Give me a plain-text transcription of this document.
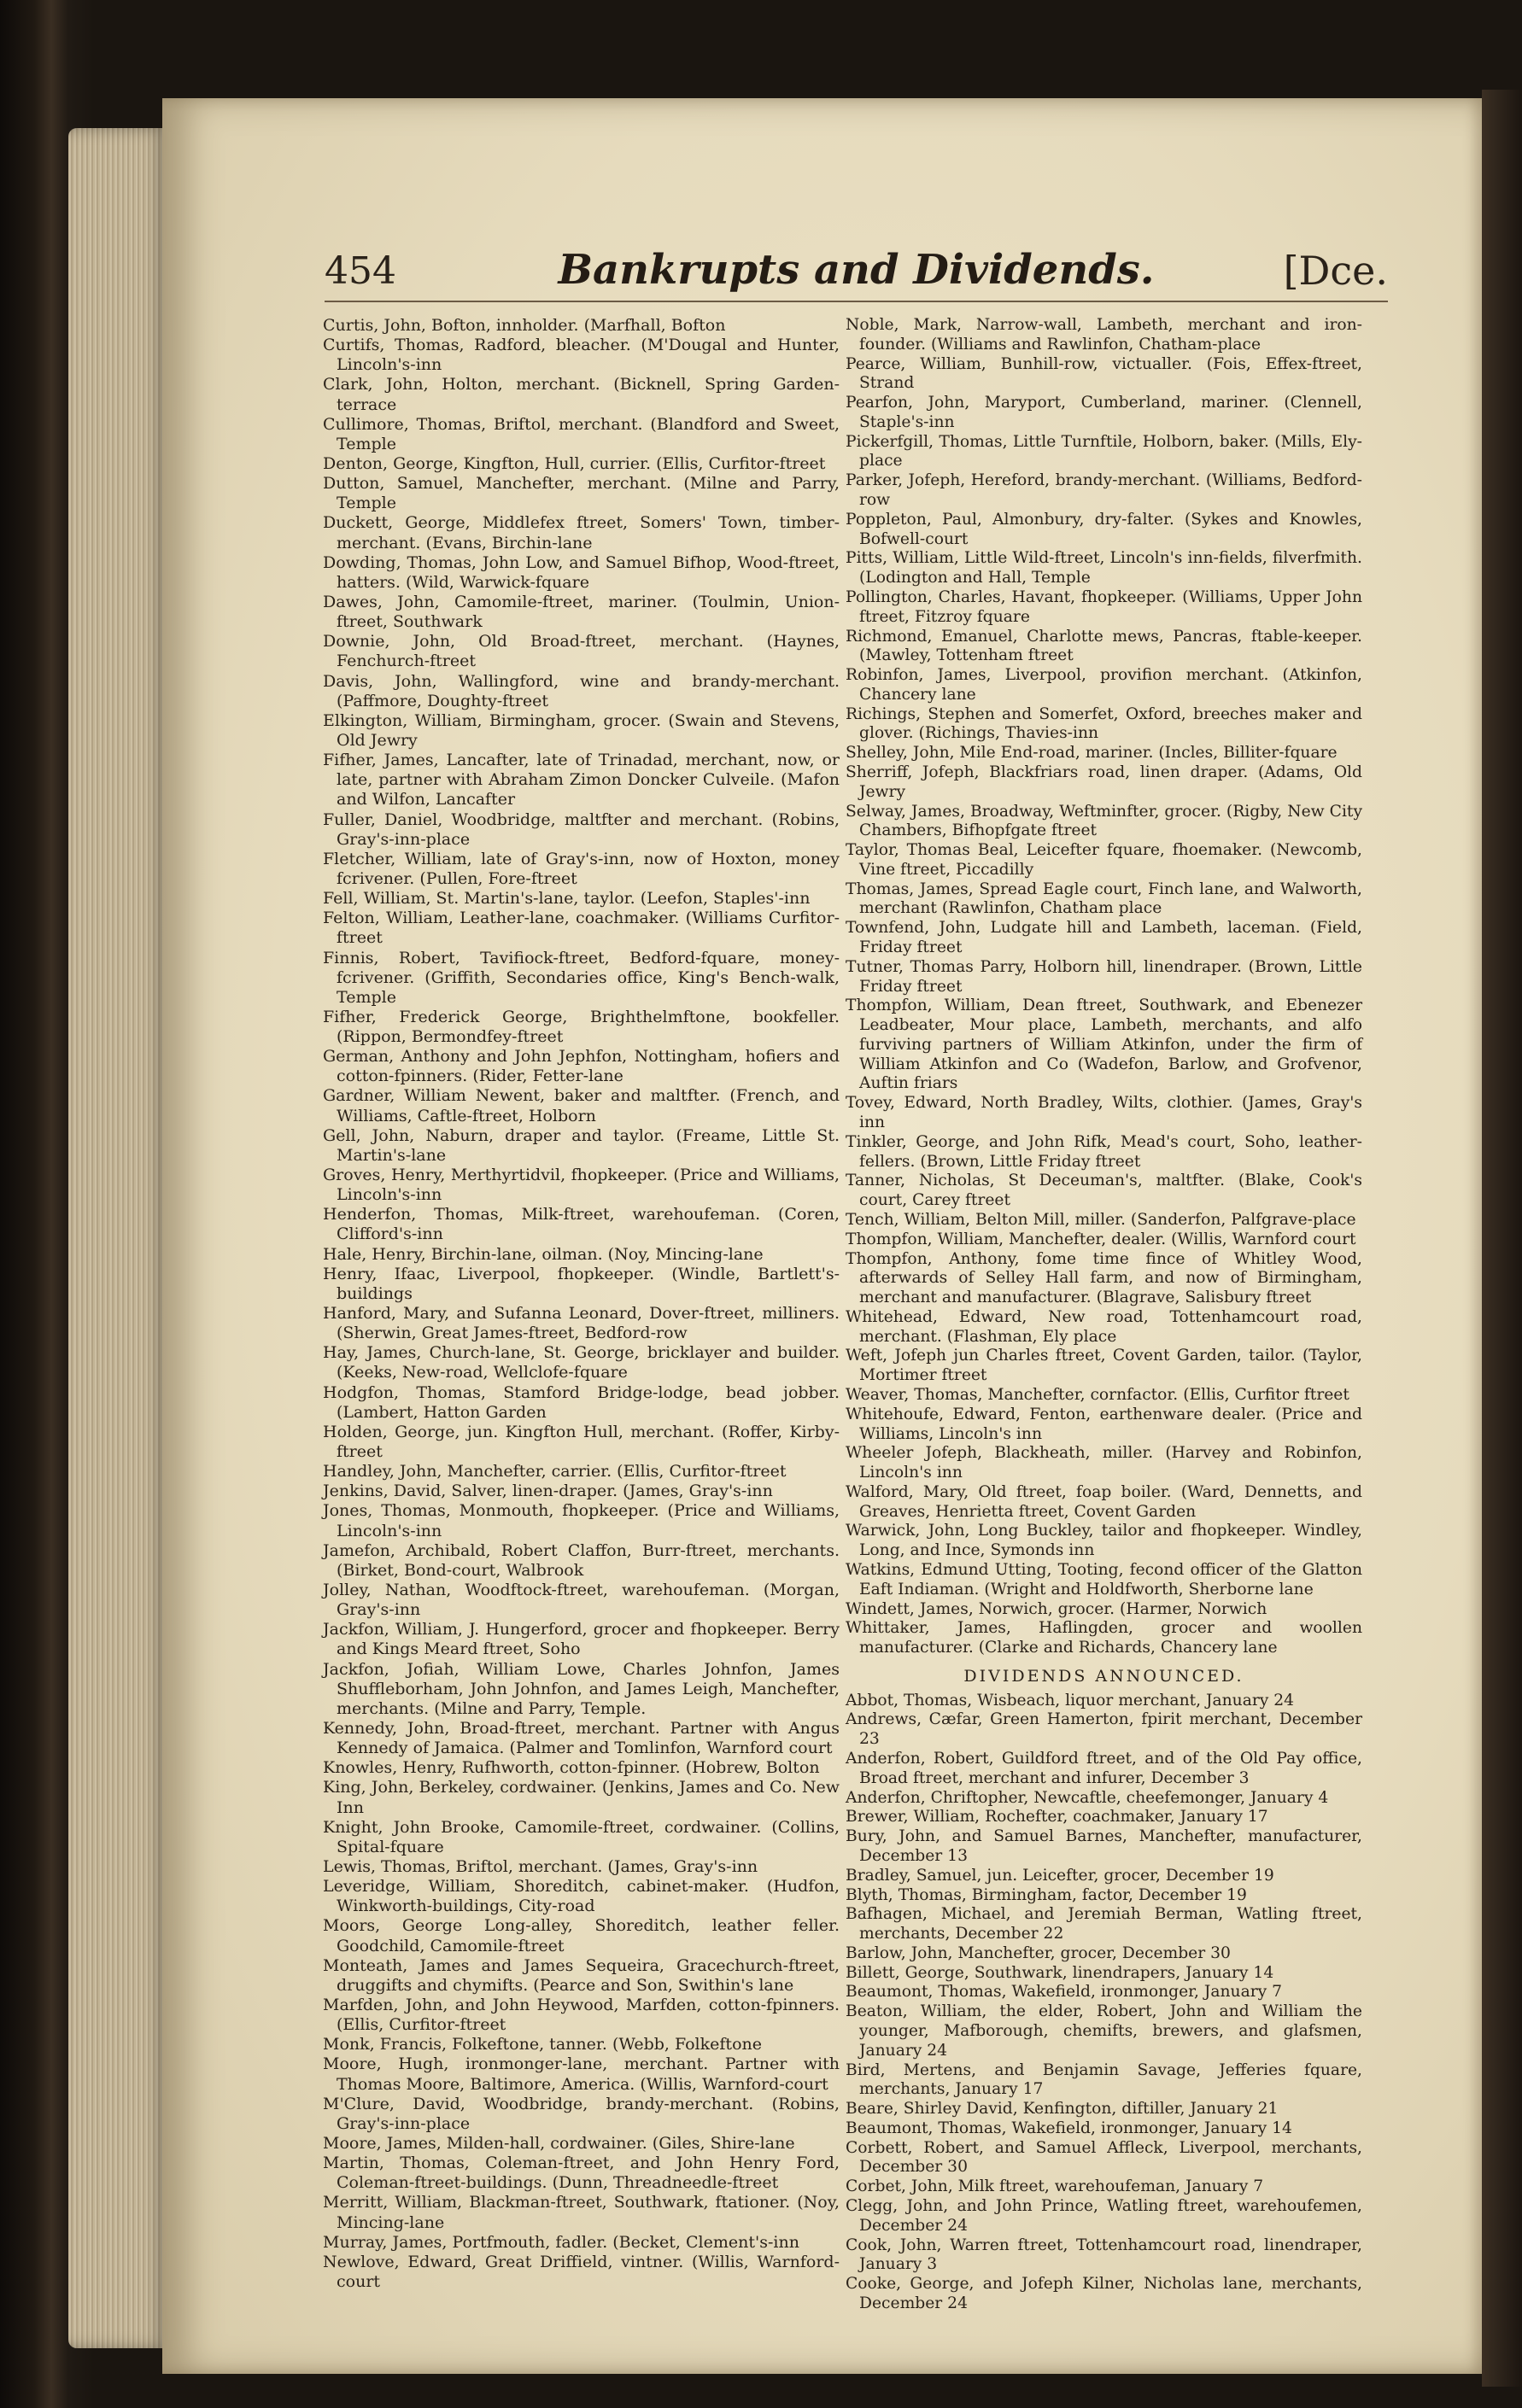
454	Bankrupts and Dividends.	[Dce.

Curtis, John, Bofton, innholder. (Marfhall, Bofton

Curtifs, Thomas, Radford, bleacher. (M'Dougal and Hunter, Lincoln's-inn

Clark, John, Holton, merchant. (Bicknell, Spring Garden-terrace

Cullimore, Thomas, Briftol, merchant. (Blandford and Sweet, Temple

Denton, George, Kingfton, Hull, currier. (Ellis, Curfitor-ftreet

Dutton, Samuel, Manchefter, merchant. (Milne and Parry, Temple

Duckett, George, Middlefex ftreet, Somers' Town, timber-merchant. (Evans, Birchin-lane

Dowding, Thomas, John Low, and Samuel Bifhop, Wood-ftreet, hatters. (Wild, Warwick-fquare

Dawes, John, Camomile-ftreet, mariner. (Toulmin, Union-ftreet, Southwark

Downie, John, Old Broad-ftreet, merchant. (Haynes, Fenchurch-ftreet

Davis, John, Wallingford, wine and brandy-merchant. (Paffmore, Doughty-ftreet

Elkington, William, Birmingham, grocer. (Swain and Stevens, Old Jewry

Fifher, James, Lancafter, late of Trinadad, merchant, now, or late, partner with Abraham Zimon Doncker Culveile. (Mafon and Wilfon, Lancafter

Fuller, Daniel, Woodbridge, maltfter and merchant. (Robins, Gray's-inn-place

Fletcher, William, late of Gray's-inn, now of Hoxton, money fcrivener. (Pullen, Fore-ftreet

Fell, William, St. Martin's-lane, taylor. (Leefon, Staples'-inn

Felton, William, Leather-lane, coachmaker. (Williams Curfitor-ftreet

Finnis, Robert, Tavifiock-ftreet, Bedford-fquare, money-fcrivener. (Griffith, Secondaries office, King's Bench-walk, Temple

Fifher, Frederick George, Brighthelmftone, bookfeller. (Rippon, Bermondfey-ftreet

German, Anthony and John Jephfon, Nottingham, hofiers and cotton-fpinners. (Rider, Fetter-lane

Gardner, William Newent, baker and maltfter. (French, and Williams, Caftle-ftreet, Holborn

Gell, John, Naburn, draper and taylor. (Freame, Little St. Martin's-lane

Groves, Henry, Merthyrtidvil, fhopkeeper. (Price and Williams, Lincoln's-inn

Henderfon, Thomas, Milk-ftreet, warehoufeman. (Coren, Clifford's-inn

Hale, Henry, Birchin-lane, oilman. (Noy, Mincing-lane

Henry, Ifaac, Liverpool, fhopkeeper. (Windle, Bartlett's-buildings

Hanford, Mary, and Sufanna Leonard, Dover-ftreet, milliners. (Sherwin, Great James-ftreet, Bedford-row

Hay, James, Church-lane, St. George, bricklayer and builder. (Keeks, New-road, Wellclofe-fquare

Hodgfon, Thomas, Stamford Bridge-lodge, bead jobber. (Lambert, Hatton Garden

Holden, George, jun. Kingfton Hull, merchant. (Roffer, Kirby-ftreet

Handley, John, Manchefter, carrier. (Ellis, Curfitor-ftreet

Jenkins, David, Salver, linen-draper. (James, Gray's-inn

Jones, Thomas, Monmouth, fhopkeeper. (Price and Williams, Lincoln's-inn

Jamefon, Archibald, Robert Claffon, Burr-ftreet, merchants. (Birket, Bond-court, Walbrook

Jolley, Nathan, Woodftock-ftreet, warehoufeman. (Morgan, Gray's-inn

Jackfon, William, J. Hungerford, grocer and fhopkeeper. Berry and Kings Meard ftreet, Soho

Jackfon, Jofiah, William Lowe, Charles Johnfon, James Shuffleborham, John Johnfon, and James Leigh, Manchefter, merchants. (Milne and Parry, Temple.

Kennedy, John, Broad-ftreet, merchant. Partner with Angus Kennedy of Jamaica. (Palmer and Tomlinfon, Warnford court

Knowles, Henry, Rufhworth, cotton-fpinner. (Hobrew, Bolton

King, John, Berkeley, cordwainer. (Jenkins, James and Co. New Inn

Knight, John Brooke, Camomile-ftreet, cordwainer. (Collins, Spital-fquare

Lewis, Thomas, Briftol, merchant. (James, Gray's-inn

Leveridge, William, Shoreditch, cabinet-maker. (Hudfon, Winkworth-buildings, City-road

Moors, George Long-alley, Shoreditch, leather feller. Goodchild, Camomile-ftreet

Monteath, James and James Sequeira, Gracechurch-ftreet, druggifts and chymifts. (Pearce and Son, Swithin's lane

Marfden, John, and John Heywood, Marfden, cotton-fpinners. (Ellis, Curfitor-ftreet

Monk, Francis, Folkeftone, tanner. (Webb, Folkeftone

Moore, Hugh, ironmonger-lane, merchant. Partner with Thomas Moore, Baltimore, America. (Willis, Warnford-court

M'Clure, David, Woodbridge, brandy-merchant. (Robins, Gray's-inn-place

Moore, James, Milden-hall, cordwainer. (Giles, Shire-lane

Martin, Thomas, Coleman-ftreet, and John Henry Ford, Coleman-ftreet-buildings. (Dunn, Threadneedle-ftreet

Merritt, William, Blackman-ftreet, Southwark, ftationer. (Noy, Mincing-lane

Murray, James, Portfmouth, fadler. (Becket, Clement's-inn

Newlove, Edward, Great Driffield, vintner. (Willis, Warnford-court

Noble, Mark, Narrow-wall, Lambeth, merchant and iron-founder. (Williams and Rawlinfon, Chatham-place

Pearce, William, Bunhill-row, victualler. (Fois, Effex-ftreet, Strand

Pearfon, John, Maryport, Cumberland, mariner. (Clennell, Staple's-inn

Pickerfgill, Thomas, Little Turnftile, Holborn, baker. (Mills, Ely-place

Parker, Jofeph, Hereford, brandy-merchant. (Williams, Bedford-row

Poppleton, Paul, Almonbury, dry-falter. (Sykes and Knowles, Bofwell-court

Pitts, William, Little Wild-ftreet, Lincoln's inn-fields, filverfmith. (Lodington and Hall, Temple

Pollington, Charles, Havant, fhopkeeper. (Williams, Upper John ftreet, Fitzroy fquare

Richmond, Emanuel, Charlotte mews, Pancras, ftable-keeper. (Mawley, Tottenham ftreet

Robinfon, James, Liverpool, provifion merchant. (Atkinfon, Chancery lane

Richings, Stephen and Somerfet, Oxford, breeches maker and glover. (Richings, Thavies-inn

Shelley, John, Mile End-road, mariner. (Incles, Billiter-fquare

Sherriff, Jofeph, Blackfriars road, linen draper. (Adams, Old Jewry

Selway, James, Broadway, Weftminfter, grocer. (Rigby, New City Chambers, Bifhopfgate ftreet

Taylor, Thomas Beal, Leicefter fquare, fhoemaker. (Newcomb, Vine ftreet, Piccadilly

Thomas, James, Spread Eagle court, Finch lane, and Walworth, merchant (Rawlinfon, Chatham place

Townfend, John, Ludgate hill and Lambeth, laceman. (Field, Friday ftreet

Tutner, Thomas Parry, Holborn hill, linendraper. (Brown, Little Friday ftreet

Thompfon, William, Dean ftreet, Southwark, and Ebenezer Leadbeater, Mour place, Lambeth, merchants, and alfo furviving partners of William Atkinfon, under the firm of William Atkinfon and Co (Wadefon, Barlow, and Grofvenor, Auftin friars

Tovey, Edward, North Bradley, Wilts, clothier. (James, Gray's inn

Tinkler, George, and John Rifk, Mead's court, Soho, leather-fellers. (Brown, Little Friday ftreet

Tanner, Nicholas, St Deceuman's, maltfter. (Blake, Cook's court, Carey ftreet

Tench, William, Belton Mill, miller. (Sanderfon, Palfgrave-place

Thompfon, William, Manchefter, dealer. (Willis, Warnford court

Thompfon, Anthony, fome time fince of Whitley Wood, afterwards of Selley Hall farm, and now of Birmingham, merchant and manufacturer. (Blagrave, Salisbury ftreet

Whitehead, Edward, New road, Tottenhamcourt road, merchant. (Flashman, Ely place

Weft, Jofeph jun Charles ftreet, Covent Garden, tailor. (Taylor, Mortimer ftreet

Weaver, Thomas, Manchefter, cornfactor. (Ellis, Curfitor ftreet

Whitehoufe, Edward, Fenton, earthenware dealer. (Price and Williams, Lincoln's inn

Wheeler Jofeph, Blackheath, miller. (Harvey and Robinfon, Lincoln's inn

Walford, Mary, Old ftreet, foap boiler. (Ward, Dennetts, and Greaves, Henrietta ftreet, Covent Garden

Warwick, John, Long Buckley, tailor and fhopkeeper. Windley, Long, and Ince, Symonds inn

Watkins, Edmund Utting, Tooting, fecond officer of the Glatton Eaft Indiaman. (Wright and Holdfworth, Sherborne lane

Windett, James, Norwich, grocer. (Harmer, Norwich

Whittaker, James, Haflingden, grocer and woollen manufacturer. (Clarke and Richards, Chancery lane

DIVIDENDS ANNOUNCED.

Abbot, Thomas, Wisbeach, liquor merchant, January 24

Andrews, Cæfar, Green Hamerton, fpirit merchant, December 23

Anderfon, Robert, Guildford ftreet, and of the Old Pay office, Broad ftreet, merchant and infurer, December 3

Anderfon, Chriftopher, Newcaftle, cheefemonger, January 4

Brewer, William, Rochefter, coachmaker, January 17

Bury, John, and Samuel Barnes, Manchefter, manufacturer, December 13

Bradley, Samuel, jun. Leicefter, grocer, December 19

Blyth, Thomas, Birmingham, factor, December 19

Bafhagen, Michael, and Jeremiah Berman, Watling ftreet, merchants, December 22

Barlow, John, Manchefter, grocer, December 30

Billett, George, Southwark, linendrapers, January 14

Beaumont, Thomas, Wakefield, ironmonger, January 7

Beaton, William, the elder, Robert, John and William the younger, Mafborough, chemifts, brewers, and glafsmen, January 24

Bird, Mertens, and Benjamin Savage, Jefferies fquare, merchants, January 17

Beare, Shirley David, Kenfington, diftiller, January 21

Beaumont, Thomas, Wakefield, ironmonger, January 14

Corbett, Robert, and Samuel Affleck, Liverpool, merchants, December 30

Corbet, John, Milk ftreet, warehoufeman, January 7

Clegg, John, and John Prince, Watling ftreet, warehoufemen, December 24

Cook, John, Warren ftreet, Tottenhamcourt road, linendraper, January 3

Cooke, George, and Jofeph Kilner, Nicholas lane, merchants, December 24
